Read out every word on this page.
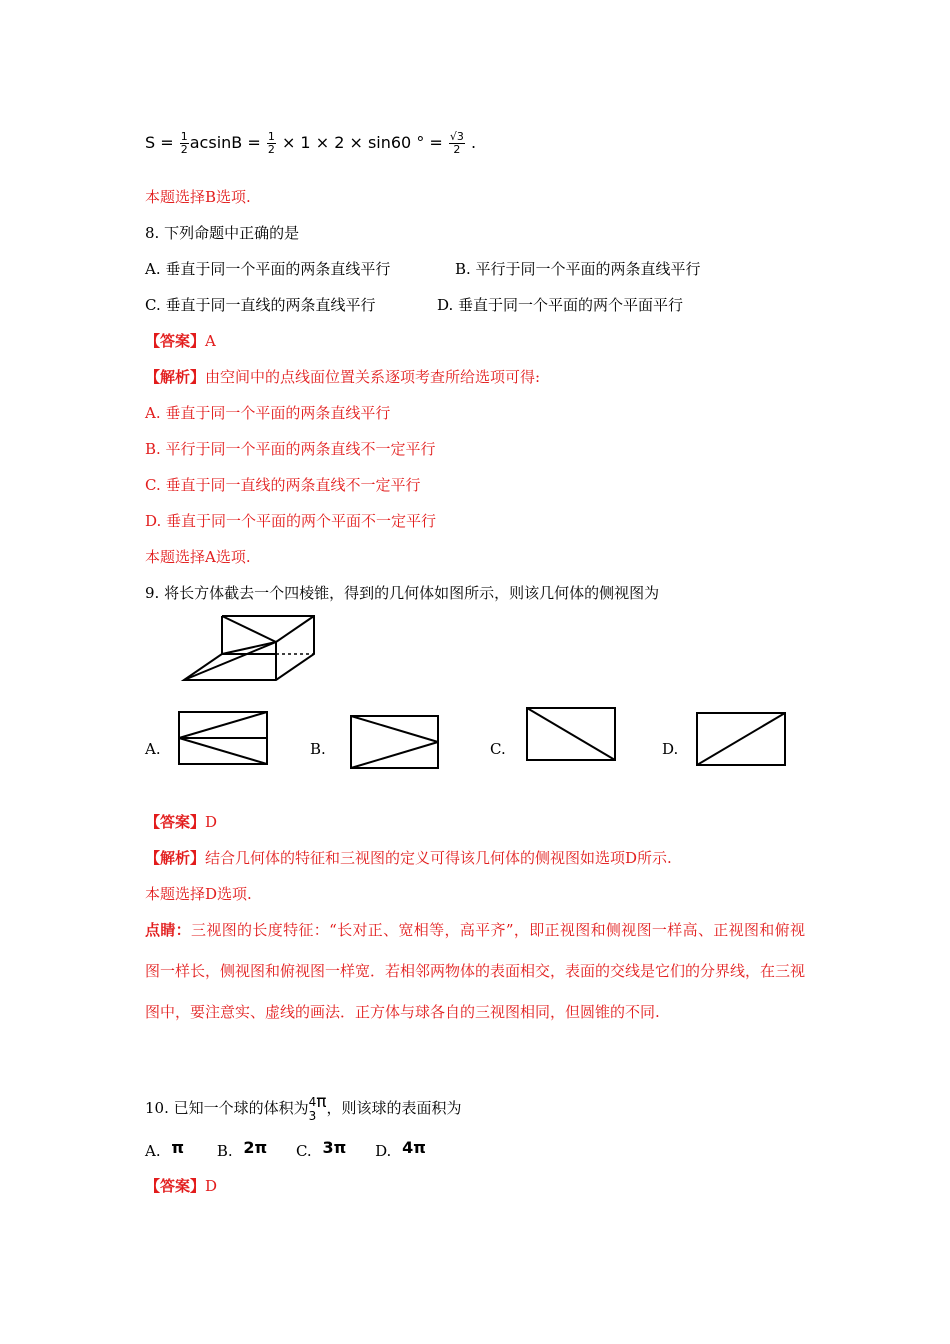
$S = \frac{1}{2}$ $acsinB = \frac{1}{2} \times 1 \times 2 \times \sin 60$ ° = $\frac{√3}{2}$ .
本题选择B选项.
8. 下列命题中正确的是
A. 垂直于同一个平面的两条直线平行	B. 平行于同一个平面的两条直线平行
C. 垂直于同一直线的两条直线平行	D. 垂直于同一个平面的两个平面平行
【答案】A
【解析】由空间中的点线面位置关系逐项考查所给选项可得:
A. 垂直于同一个平面的两条直线平行
B. 平行于同一个平面的两条直线不一定平行
C. 垂直于同一直线的两条直线不一定平行
D. 垂直于同一个平面的两个平面不一定平行
本题选择A选项.
9. 将长方体截去一个四棱锥，得到的几何体如图所示，则该几何体的侧视图为
A.	B.	C.	D.
【答案】D
【解析】结合几何体的特征和三视图的定义可得该几何体的侧视图如选项D所示.
本题选择D选项.
点睛：三视图的长度特征：“长对正、宽相等，高平齐”，即正视图和侧视图一样高、正视图和俯视图一样长，侧视图和俯视图一样宽．若相邻两物体的表面相交，表面的交线是它们的分界线，在三视图中，要注意实、虚线的画法．正方体与球各自的三视图相同，但圆锥的不同.
10. 已知一个球的体积为 4
3
π，则该球的表面积为
A. π B. 2π C. 3π D. 4π
【答案】D
